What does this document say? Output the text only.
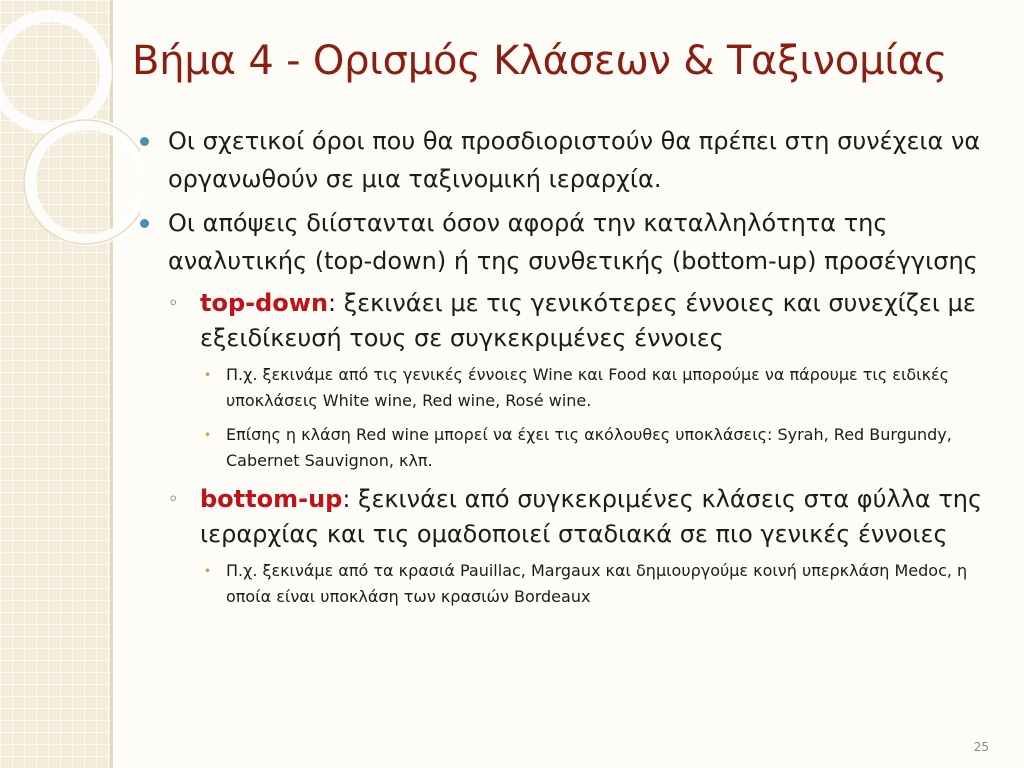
Βήμα 4 - Ορισμός Κλάσεων & Ταξινομίας
Οι σχετικοί όροι που θα προσδιοριστούν θα πρέπει στη συνέχεια να οργανωθούν σε μια ταξινομική ιεραρχία.
Οι απόψεις διίστανται όσον αφορά την καταλληλότητα της αναλυτικής (top-down) ή της συνθετικής (bottom-up) προσέγγισης
◦ top-down: ξεκινάει με τις γενικότερες έννοιες και συνεχίζει με εξειδίκευσή τους σε συγκεκριμένες έννοιες
• Π.χ. ξεκινάμε από τις γενικές έννοιες Wine και Food και μπορούμε να πάρουμε τις ειδικές υποκλάσεις White wine, Red wine, Rosé wine.
• Επίσης η κλάση Red wine μπορεί να έχει τις ακόλουθες υποκλάσεις: Syrah, Red Burgundy, Cabernet Sauvignon, κλπ.
◦ bottom-up: ξεκινάει από συγκεκριμένες κλάσεις στα φύλλα της ιεραρχίας και τις ομαδοποιεί σταδιακά σε πιο γενικές έννοιες
• Π.χ. ξεκινάμε από τα κρασιά Pauillac, Margaux και δημιουργούμε κοινή υπερκλάση Medoc, η οποία είναι υποκλάση των κρασιών Bordeaux
25
